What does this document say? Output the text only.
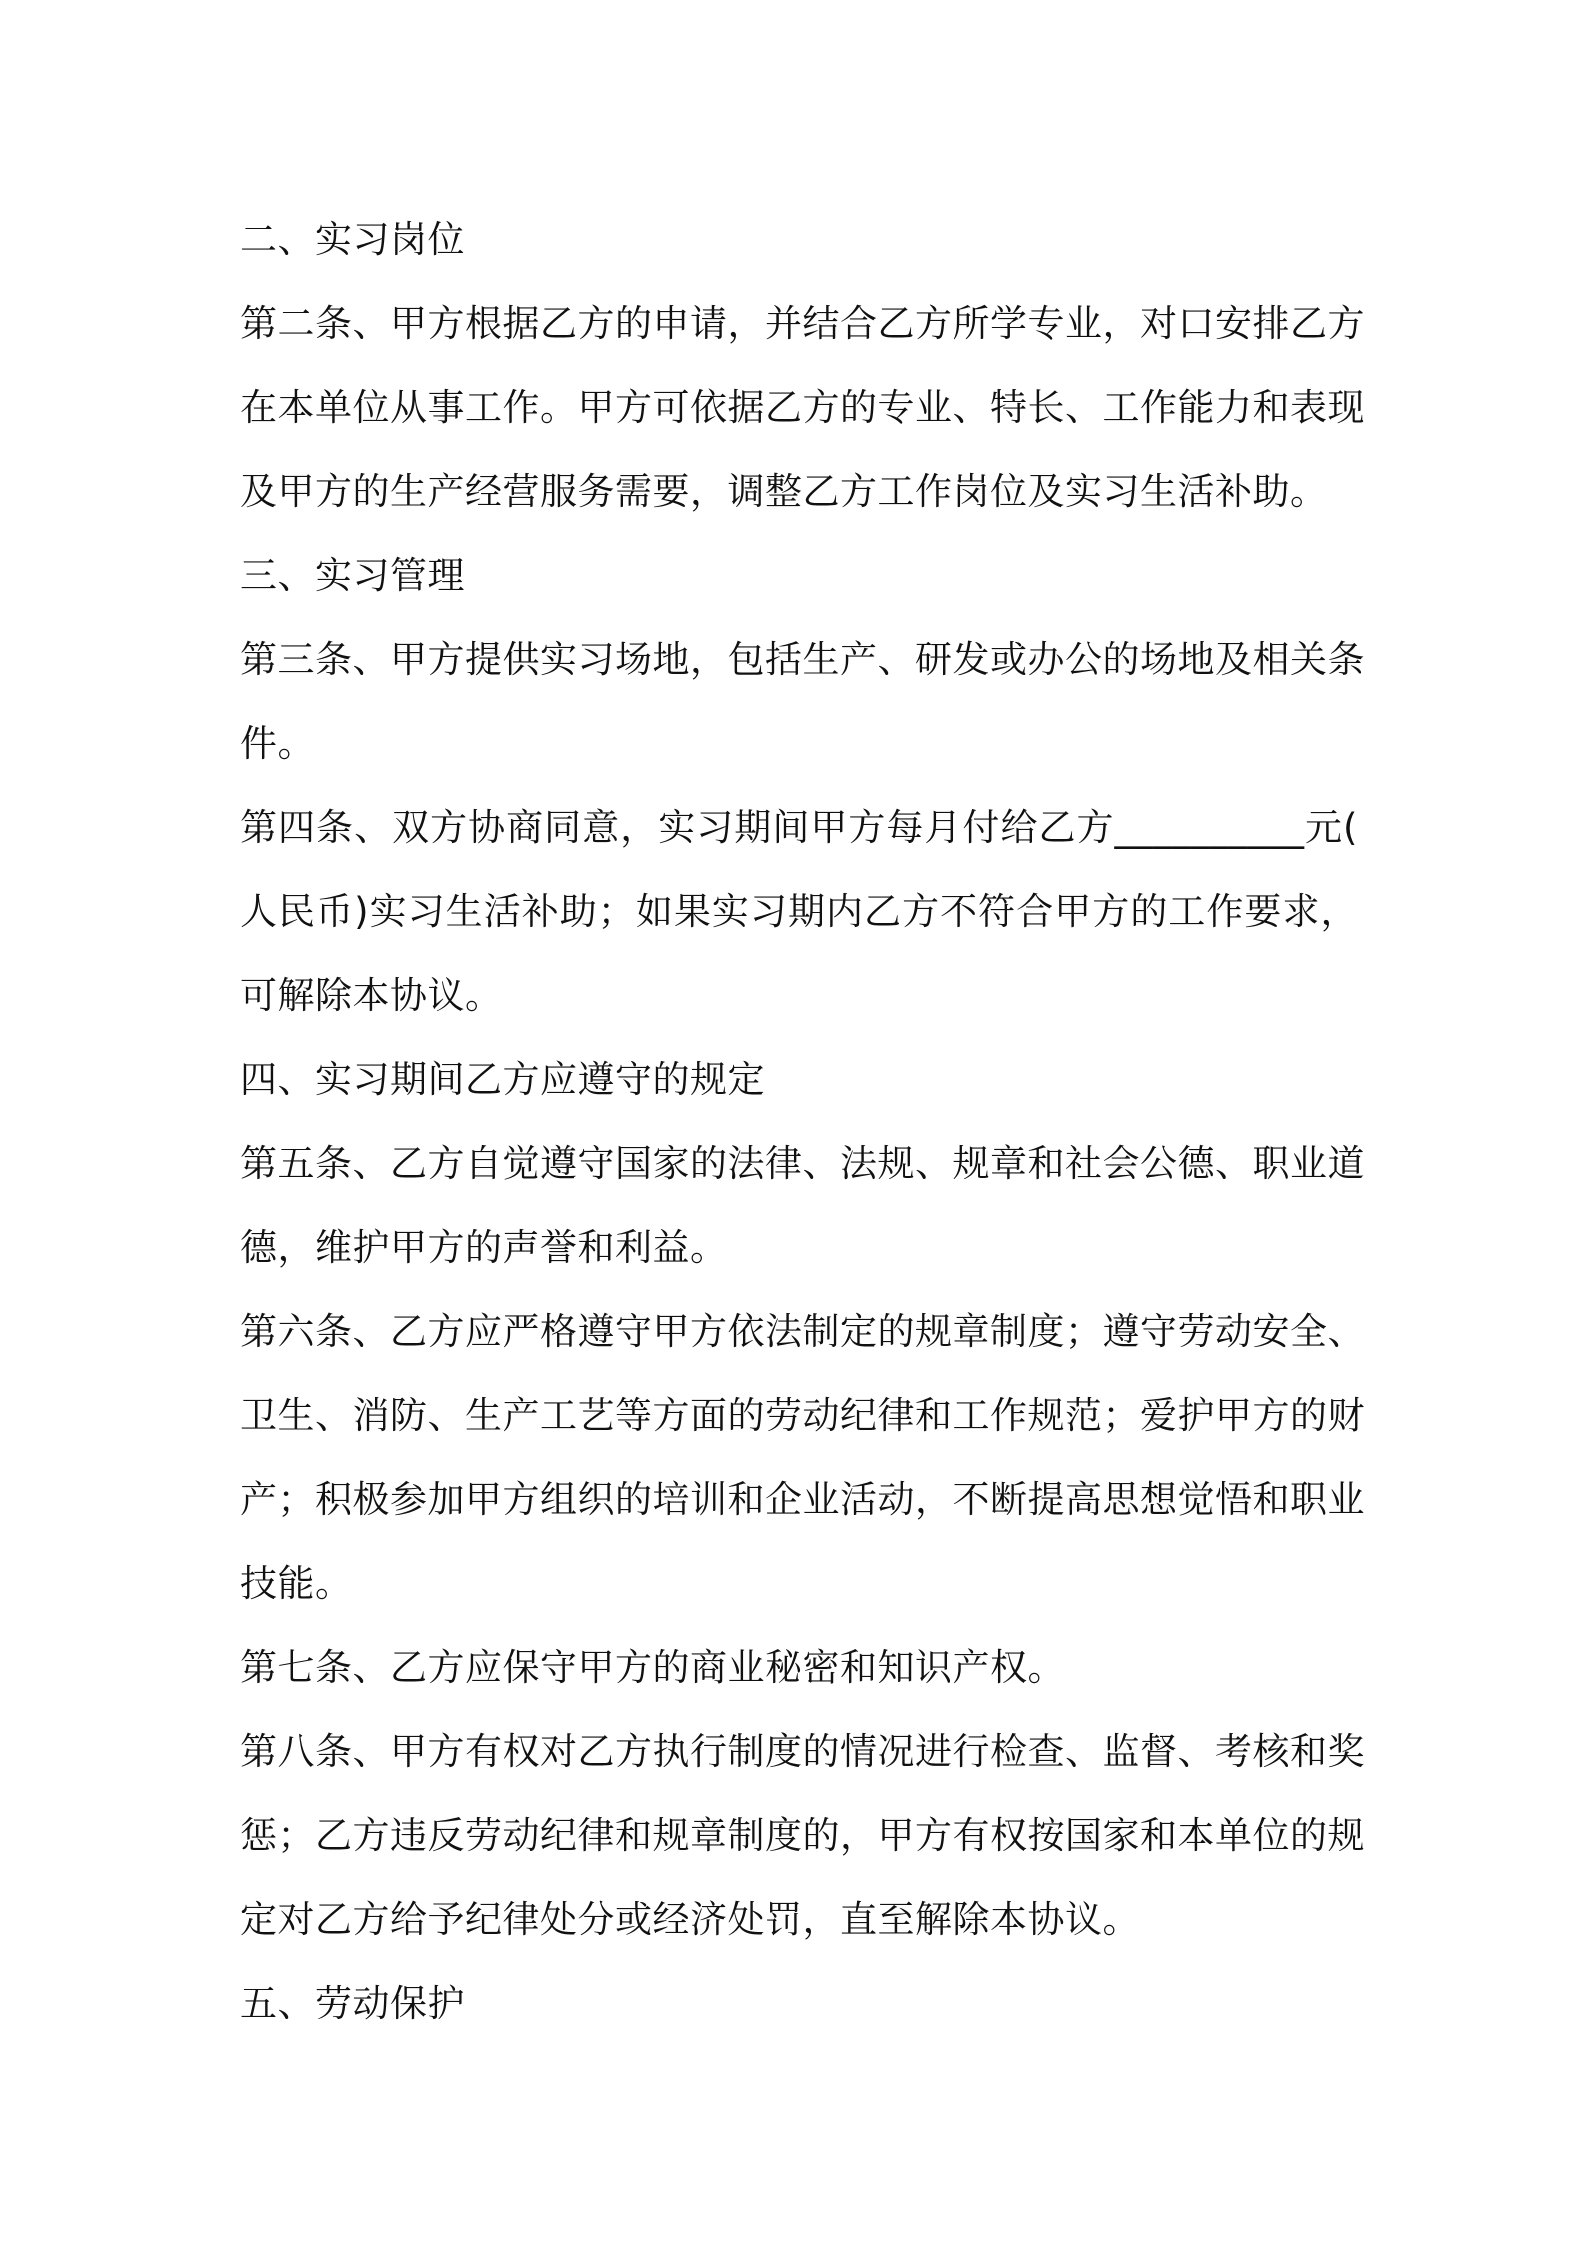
二、实习岗位
第二条、甲方根据乙方的申请，并结合乙方所学专业，对口安排乙方
在本单位从事工作。甲方可依据乙方的专业、特长、工作能力和表现
及甲方的生产经营服务需要，调整乙方工作岗位及实习生活补助。
三、实习管理
第三条、甲方提供实习场地，包括生产、研发或办公的场地及相关条
件。
第四条、双方协商同意，实习期间甲方每月付给乙方__________元(
人民币)实习生活补助；如果实习期内乙方不符合甲方的工作要求，
可解除本协议。
四、实习期间乙方应遵守的规定
第五条、乙方自觉遵守国家的法律、法规、规章和社会公德、职业道
德，维护甲方的声誉和利益。
第六条、乙方应严格遵守甲方依法制定的规章制度；遵守劳动安全、
卫生、消防、生产工艺等方面的劳动纪律和工作规范；爱护甲方的财
产；积极参加甲方组织的培训和企业活动，不断提高思想觉悟和职业
技能。
第七条、乙方应保守甲方的商业秘密和知识产权。
第八条、甲方有权对乙方执行制度的情况进行检查、监督、考核和奖
惩；乙方违反劳动纪律和规章制度的，甲方有权按国家和本单位的规
定对乙方给予纪律处分或经济处罚，直至解除本协议。
五、劳动保护
